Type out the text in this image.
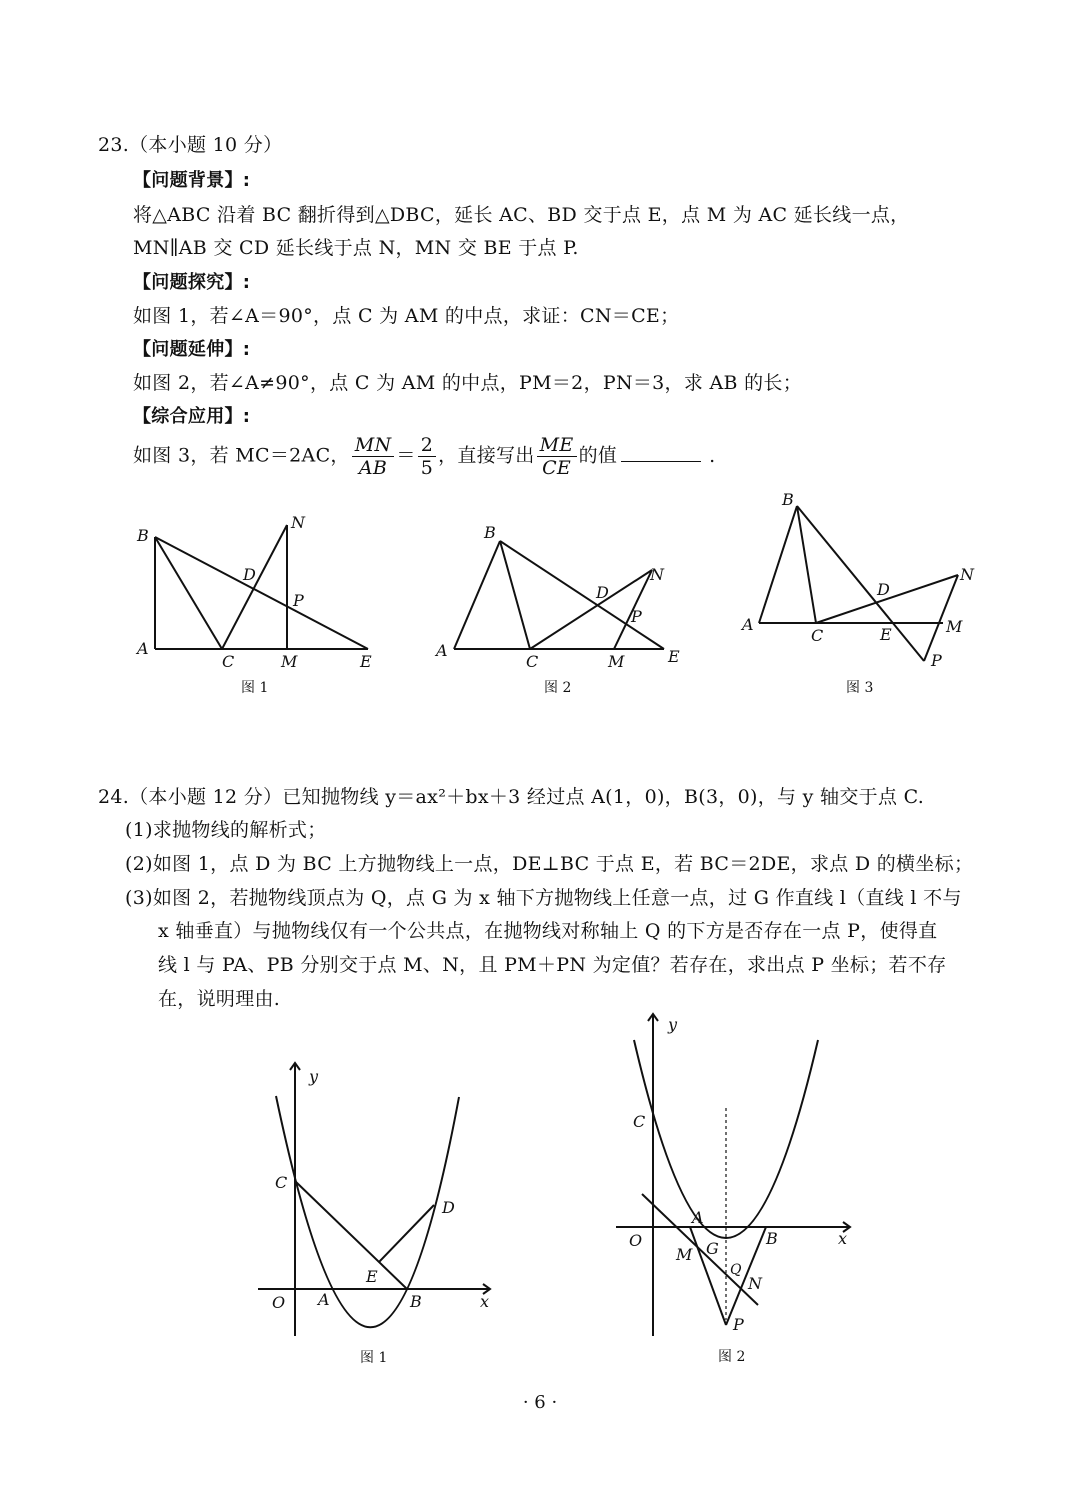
23.（本小题 10 分）
【问题背景】:
将△ABC 沿着 BC 翻折得到△DBC，延长 AC、BD 交于点 E，点 M 为 AC 延长线一点，
MN∥AB 交 CD 延长线于点 N，MN 交 BE 于点 P.
【问题探究】:
如图 1，若∠A＝90°，点 C 为 AM 的中点，求证：CN＝CE；
【问题延伸】:
如图 2，若∠A≠90°，点 C 为 AM 的中点，PM＝2，PN＝3，求 AB 的长；
【综合应用】:
如图 3，若 MC＝2AC， $\frac{MN}{AB} = \frac{2}{5}$ ，直接写出 $\frac{ME}{CE}$ 的值	.
B
N
D
P
A
C	M	E
图 1
B
N
D
P
A
C	M	E
图 2
B
N
D
A
C	E	M
P
图 3
24.（本小题 12 分）已知抛物线 y＝ax²＋bx＋3 经过点 A(1，0)，B(3，0)，与 y 轴交于点 C.
(1)求抛物线的解析式；
(2)如图 1，点 D 为 BC 上方抛物线上一点，DE⊥BC 于点 E，若 BC＝2DE，求点 D 的横坐标；
(3)如图 2，若抛物线顶点为 Q，点 G 为 x 轴下方抛物线上任意一点，过 G 作直线 l（直线 l 不与
x 轴垂直）与抛物线仅有一个公共点，在抛物线对称轴上 Q 的下方是否存在一点 P，使得直
线 l 与 PA、PB 分别交于点 M、N，且 PM＋PN 为定值？若存在，求出点 P 坐标；若不存
在，说明理由.
y
C
D
E
O A	B	x
图 1
y
C
A
O
M G
B	x
Q
N
P
图 2
· 6 ·
